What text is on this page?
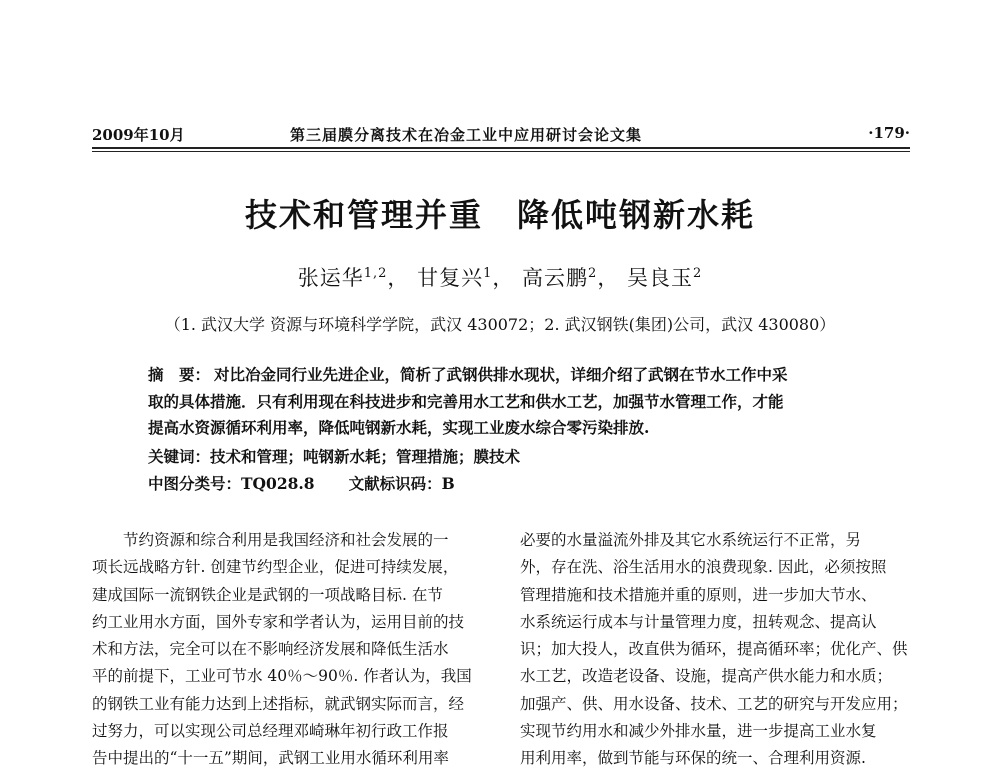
2009年10月	第三届膜分离技术在冶金工业中应用研讨会论文集	·179·
技术和管理并重　降低吨钢新水耗
张运华$^{1,2}$， 甘复兴$^1$， 高云鹏$^2$， 吴良玉$^2$
（1. 武汉大学 资源与环境科学学院，武汉 430072；2. 武汉钢铁(集团)公司，武汉 430080）
摘　要： 对比冶金同行业先进企业，简析了武钢供排水现状，详细介绍了武钢在节水工作中采
取的具体措施．只有利用现在科技进步和完善用水工艺和供水工艺，加强节水管理工作，才能
提高水资源循环利用率，降低吨钢新水耗，实现工业废水综合零污染排放.
关键词：技术和管理；吨钢新水耗；管理措施；膜技术
中图分类号：TQ028.8 文献标识码：B
节约资源和综合利用是我国经济和社会发展的一
项长远战略方针. 创建节约型企业，促进可持续发展，
建成国际一流钢铁企业是武钢的一项战略目标. 在节
约工业用水方面，国外专家和学者认为，运用目前的技
术和方法，完全可以在不影响经济发展和降低生活水
平的前提下，工业可节水 40％～90％. 作者认为，我国
的钢铁工业有能力达到上述指标，就武钢实际而言，经
过努力，可以实现公司总经理邓崎琳年初行政工作报
告中提出的“十一五”期间，武钢工业用水循环利用率
必要的水量溢流外排及其它水系统运行不正常，另
外，存在洗、浴生活用水的浪费现象. 因此，必须按照
管理措施和技术措施并重的原则，进一步加大节水、
水系统运行成本与计量管理力度，扭转观念、提高认
识；加大投人，改直供为循环，提高循环率；优化产、供
水工艺，改造老设备、设施，提高产供水能力和水质；
加强产、供、用水设备、技术、工艺的研究与开发应用；
实现节约用水和减少外排水量，进一步提高工业水复
用利用率，做到节能与环保的统一、合理利用资源.
